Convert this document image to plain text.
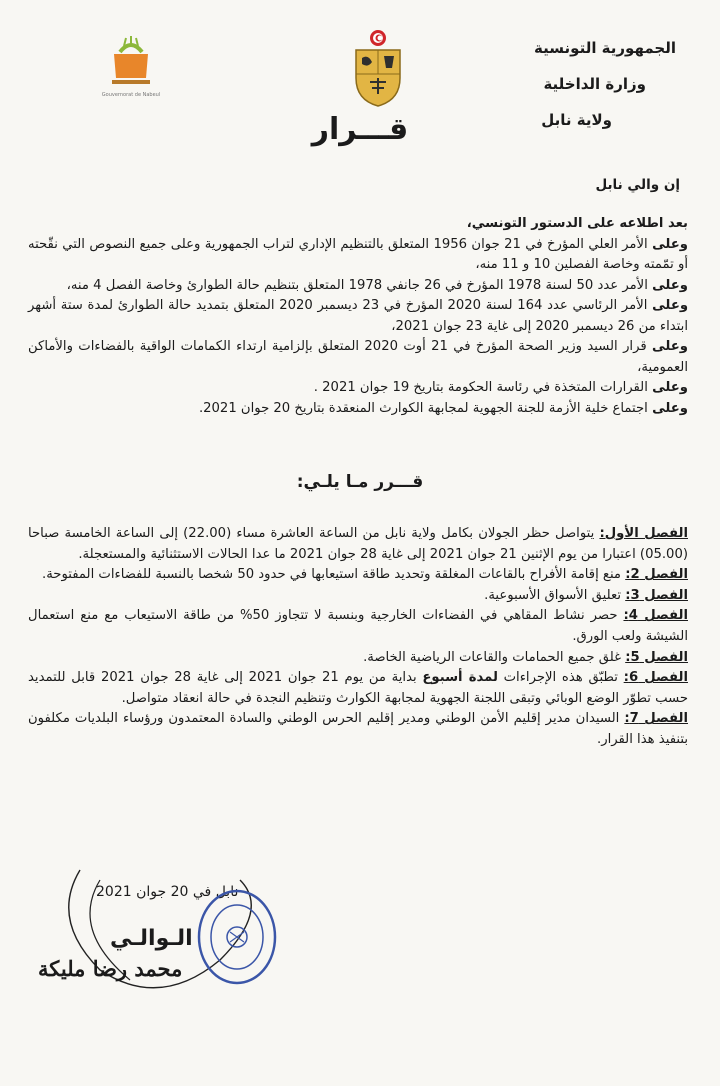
الجمهورية التونسية
وزارة الداخلية
ولاية نابل
Gouvernorat de Nabeul
قـــرار
إن والي نابل

بعد اطلاعه على الدستور التونسي،

وعلى الأمر العلي المؤرخ في 21 جوان 1956 المتعلق بالتنظيم الإداري لتراب الجمهورية وعلى جميع النصوص التي نقّحته أو تمّمته وخاصة الفصلين 10 و 11 منه،

وعلى الأمر عدد 50 لسنة 1978 المؤرخ في 26 جانفي 1978 المتعلق بتنظيم حالة الطوارئ وخاصة الفصل 4 منه،

وعلى الأمر الرئاسي عدد 164 لسنة 2020 المؤرخ في 23 ديسمبر 2020 المتعلق بتمديد حالة الطوارئ لمدة ستة أشهر ابتداء من 26 ديسمبر 2020 إلى غاية 23 جوان 2021،

وعلى قرار السيد وزير الصحة المؤرخ في 21 أوت 2020 المتعلق بإلزامية ارتداء الكمامات الواقية بالفضاءات والأماكن العمومية،

وعلى القرارات المتخذة في رئاسة الحكومة بتاريخ 19 جوان 2021 .

وعلى اجتماع خلية الأزمة للجنة الجهوية لمجابهة الكوارث المنعقدة بتاريخ 20 جوان 2021.

قـــرر مـا يلـي:

الفصل الأول: يتواصل حظر الجولان بكامل ولاية نابل من الساعة العاشرة مساء (22.00) إلى الساعة الخامسة صباحا (05.00) اعتبارا من يوم الإثنين 21 جوان 2021 إلى غاية 28 جوان 2021 ما عدا الحالات الاستثنائية والمستعجلة.

الفصل 2: منع إقامة الأفراح بالقاعات المغلقة وتحديد طاقة استيعابها في حدود 50 شخصا بالنسبة للفضاءات المفتوحة.

الفصل 3: تعليق الأسواق الأسبوعية.

الفصل 4: حصر نشاط المقاهي في الفضاءات الخارجية وبنسبة لا تتجاوز 50% من طاقة الاستيعاب مع منع استعمال الشيشة ولعب الورق.

الفصل 5: غلق جميع الحمامات والقاعات الرياضية الخاصة.

الفصل 6: تطبّق هذه الإجراءات لمدة أسبوع بداية من يوم 21 جوان 2021 إلى غاية 28 جوان 2021 قابل للتمديد حسب تطوّر الوضع الوبائي وتبقى اللجنة الجهوية لمجابهة الكوارث وتنظيم النجدة في حالة انعقاد متواصل.

الفصل 7: السيدان مدير إقليم الأمن الوطني ومدير إقليم الحرس الوطني والسادة المعتمدون ورؤساء البلديات مكلفون بتنفيذ هذا القرار.

نابل في 20 جوان 2021
الـوالـي
محمد رضا مليكة
